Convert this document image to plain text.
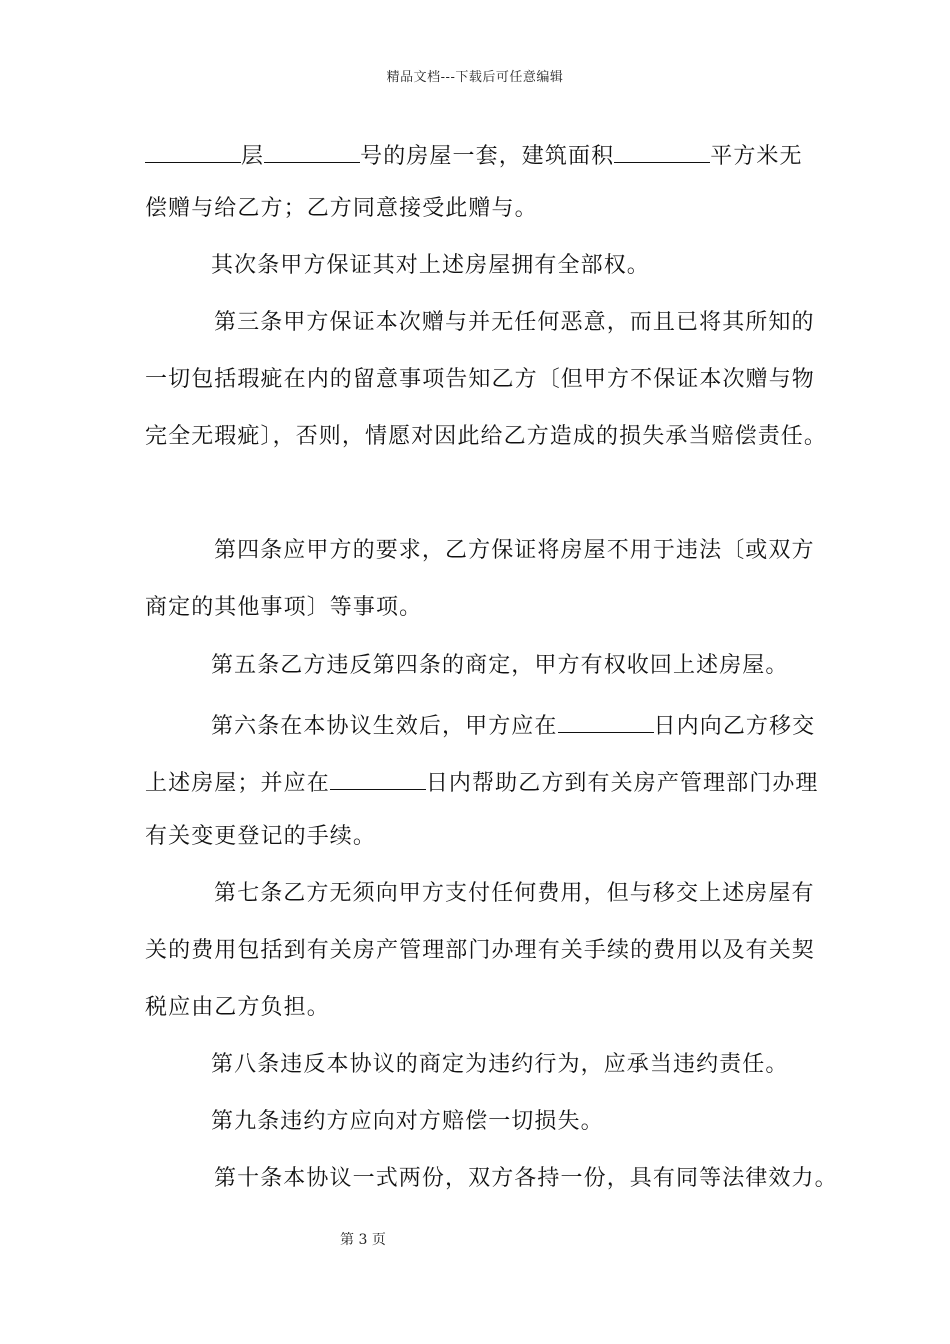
精品文档---下载后可任意编辑
层	号的房屋一套，建筑面积	平方米无
偿赠与给乙方；乙方同意接受此赠与。
其次条甲方保证其对上述房屋拥有全部权。
第三条甲方保证本次赠与并无任何恶意，而且已将其所知的
一切包括瑕疵在内的留意事项告知乙方〔但甲方不保证本次赠与物
完全无瑕疵〕，否则，情愿对因此给乙方造成的损失承当赔偿责任。
第四条应甲方的要求，乙方保证将房屋不用于违法〔或双方
商定的其他事项〕等事项。
第五条乙方违反第四条的商定，甲方有权收回上述房屋。
第六条在本协议生效后，甲方应在	日内向乙方移交
上述房屋；并应在	日内帮助乙方到有关房产管理部门办理
有关变更登记的手续。
第七条乙方无须向甲方支付任何费用，但与移交上述房屋有
关的费用包括到有关房产管理部门办理有关手续的费用以及有关契
税应由乙方负担。
第八条违反本协议的商定为违约行为，应承当违约责任。
第九条违约方应向对方赔偿一切损失。
第十条本协议一式两份，双方各持一份，具有同等法律效力。
第 3 页
